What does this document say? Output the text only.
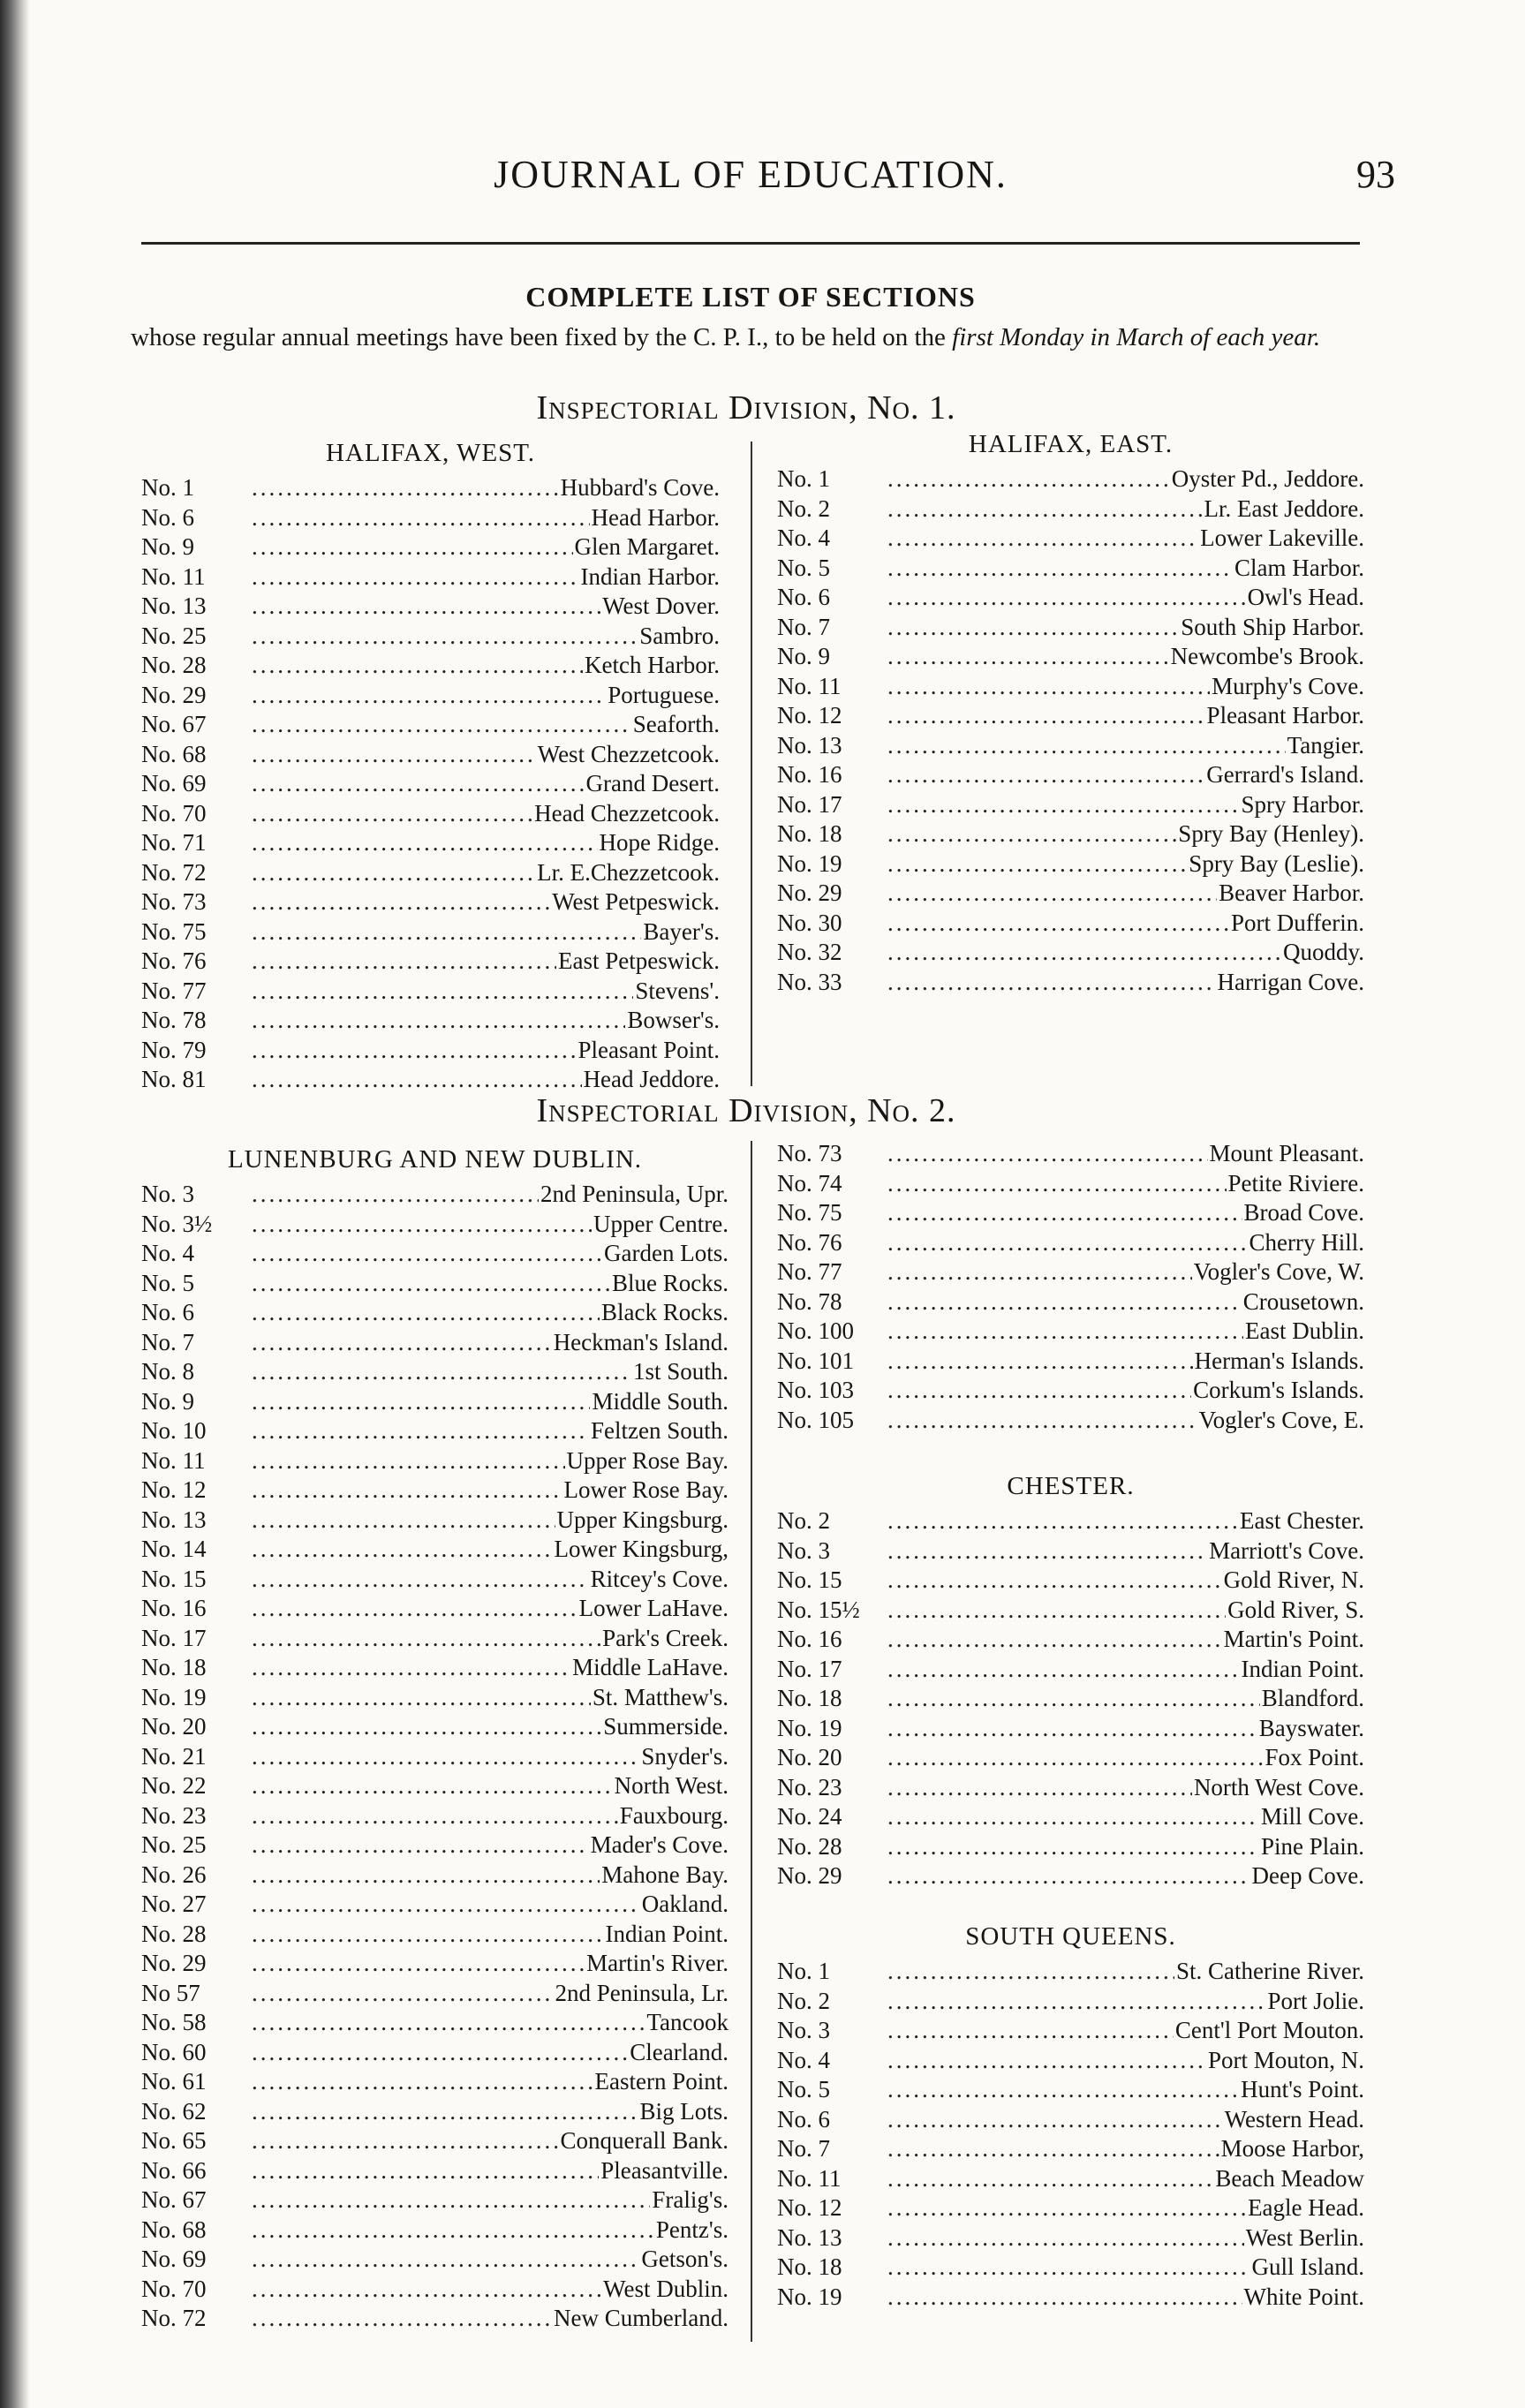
JOURNAL OF EDUCATION.	93
COMPLETE LIST OF SECTIONS
whose regular annual meetings have been fixed by the C. P. I., to be held on the first Monday in March of each year.
Inspectorial Division, No. 1.
HALIFAX, WEST.
No. 1 .....	Hubbard's Cove.
No. 6 .....	Head Harbor.
No. 9 .....	Glen Margaret.
No. 11 .....	Indian Harbor.
No. 13 .....	West Dover.
No. 25 .....	Sambro.
No. 28 .....	Ketch Harbor.
No. 29 .....	Portuguese.
No. 67 .....	Seaforth.
No. 68 .....	West Chezzetcook.
No. 69 .....	Grand Desert.
No. 70 .....	Head Chezzetcook.
No. 71 .....	Hope Ridge.
No. 72 .....	Lr. E.Chezzetcook.
No. 73 .....	West Petpeswick.
No. 75 .....	Bayer's.
No. 76 .....	East Petpeswick.
No. 77 .....	Stevens'.
No. 78 .....	Bowser's.
No. 79 .....	Pleasant Point.
No. 81 .....	Head Jeddore.
HALIFAX, EAST.
No. 1 .....	Oyster Pd., Jeddore.
No. 2 .....	Lr. East Jeddore.
No. 4 .....	Lower Lakeville.
No. 5 .....	Clam Harbor.
No. 6 .....	Owl's Head.
No. 7 .....	South Ship Harbor.
No. 9 .....	Newcombe's Brook.
No. 11 .....	Murphy's Cove.
No. 12 .....	Pleasant Harbor.
No. 13 .....	Tangier.
No. 16 .....	Gerrard's Island.
No. 17 .....	Spry Harbor.
No. 18 .....	Spry Bay (Henley).
No. 19 .....	Spry Bay (Leslie).
No. 29 .....	Beaver Harbor.
No. 30 .....	Port Dufferin.
No. 32 .....	Quoddy.
No. 33 .....	Harrigan Cove.
Inspectorial Division, No. 2.
LUNENBURG AND NEW DUBLIN.
No. 3 .....	2nd Peninsula, Upr.
No. 3½ .....	Upper Centre.
No. 4 .....	Garden Lots.
No. 5 .....	Blue Rocks.
No. 6 .....	Black Rocks.
No. 7 .....	Heckman's Island.
No. 8 .....	1st South.
No. 9 .....	Middle South.
No. 10 .....	Feltzen South.
No. 11 .....	Upper Rose Bay.
No. 12 .....	Lower Rose Bay.
No. 13 .....	Upper Kingsburg.
No. 14 .....	Lower Kingsburg,
No. 15 .....	Ritcey's Cove.
No. 16 .....	Lower LaHave.
No. 17 .....	Park's Creek.
No. 18 .....	Middle LaHave.
No. 19 .....	St. Matthew's.
No. 20 .....	Summerside.
No. 21 .....	Snyder's.
No. 22 .....	North West.
No. 23 .....	Fauxbourg.
No. 25 .....	Mader's Cove.
No. 26 .....	Mahone Bay.
No. 27 .....	Oakland.
No. 28 .....	Indian Point.
No. 29 .....	Martin's River.
No 57 .....	2nd Peninsula, Lr.
No. 58 .....	Tancook
No. 60 .....	Clearland.
No. 61 .....	Eastern Point.
No. 62 .....	Big Lots.
No. 65 .....	Conquerall Bank.
No. 66 .....	Pleasantville.
No. 67 .....	Fralig's.
No. 68 .....	Pentz's.
No. 69 .....	Getson's.
No. 70 .....	West Dublin.
No. 72 .....	New Cumberland.
No. 73 .....	Mount Pleasant.
No. 74 .....	Petite Riviere.
No. 75 .....	Broad Cove.
No. 76 .....	Cherry Hill.
No. 77 .....	Vogler's Cove, W.
No. 78 .....	Crousetown.
No. 100 .....	East Dublin.
No. 101 .....	Herman's Islands.
No. 103 .....	Corkum's Islands.
No. 105 .....	Vogler's Cove, E.
CHESTER.
No. 2 .....	East Chester.
No. 3 .....	Marriott's Cove.
No. 15 .....	Gold River, N.
No. 15½ .....	Gold River, S.
No. 16 .....	Martin's Point.
No. 17 .....	Indian Point.
No. 18 .....	Blandford.
No. 19 .....	Bayswater.
No. 20 .....	Fox Point.
No. 23 .....	North West Cove.
No. 24 .....	Mill Cove.
No. 28 .....	Pine Plain.
No. 29 .....	Deep Cove.
SOUTH QUEENS.
No. 1 .....	St. Catherine River.
No. 2 .....	Port Jolie.
No. 3 .....	Cent'l Port Mouton.
No. 4 .....	Port Mouton, N.
No. 5 .....	Hunt's Point.
No. 6 .....	Western Head.
No. 7 .....	Moose Harbor,
No. 11 .....	Beach Meadow
No. 12 .....	Eagle Head.
No. 13 .....	West Berlin.
No. 18 .....	Gull Island.
No. 19 .....	White Point.
